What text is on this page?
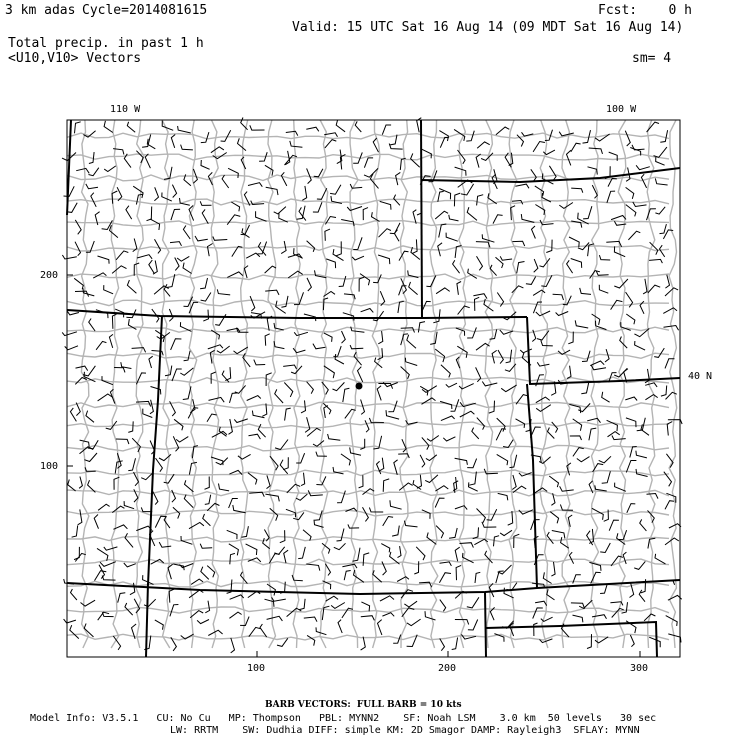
3 km adas Cycle=2014081615	Fcst:    0 h
Valid: 15 UTC Sat 16 Aug 14 (09 MDT Sat 16 Aug 14)
Total precip. in past 1 h
<U10,V10> Vectors	sm= 4
110 W	100 W
40 N
100	200	300
200
100
BARB VECTORS:  FULL BARB = 10 kts
Model Info: V3.5.1   CU: No Cu   MP: Thompson   PBL: MYNN2    SF: Noah LSM    3.0 km  50 levels   30 sec
LW: RRTM    SW: Dudhia DIFF: simple KM: 2D Smagor DAMP: Rayleigh3  SFLAY: MYNN
